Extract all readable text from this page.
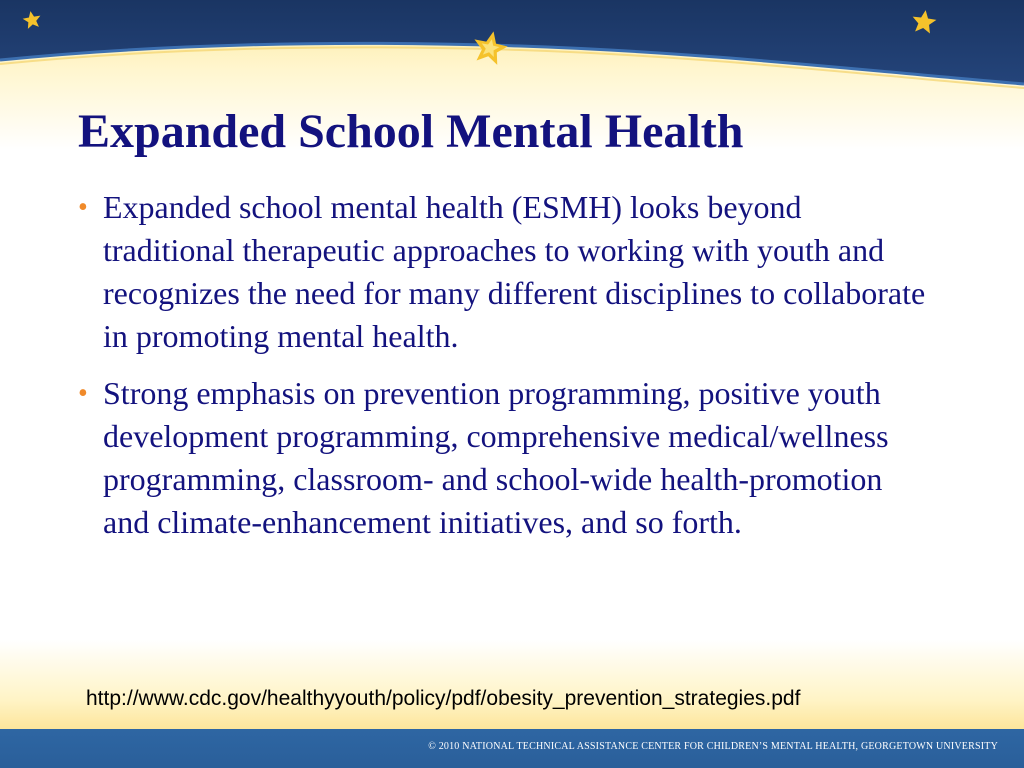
Expanded School Mental Health
• Expanded school mental health (ESMH) looks beyond traditional therapeutic approaches to working with youth and recognizes the need for many different disciplines to collaborate in promoting mental health.
• Strong emphasis on prevention programming, positive youth development programming, comprehensive medical/wellness programming, classroom- and school-wide health-promotion and climate-enhancement initiatives, and so forth.
http://www.cdc.gov/healthyyouth/policy/pdf/obesity_prevention_strategies.pdf
© 2010 NATIONAL TECHNICAL ASSISTANCE CENTER FOR CHILDREN’S MENTAL HEALTH, GEORGETOWN UNIVERSITY
